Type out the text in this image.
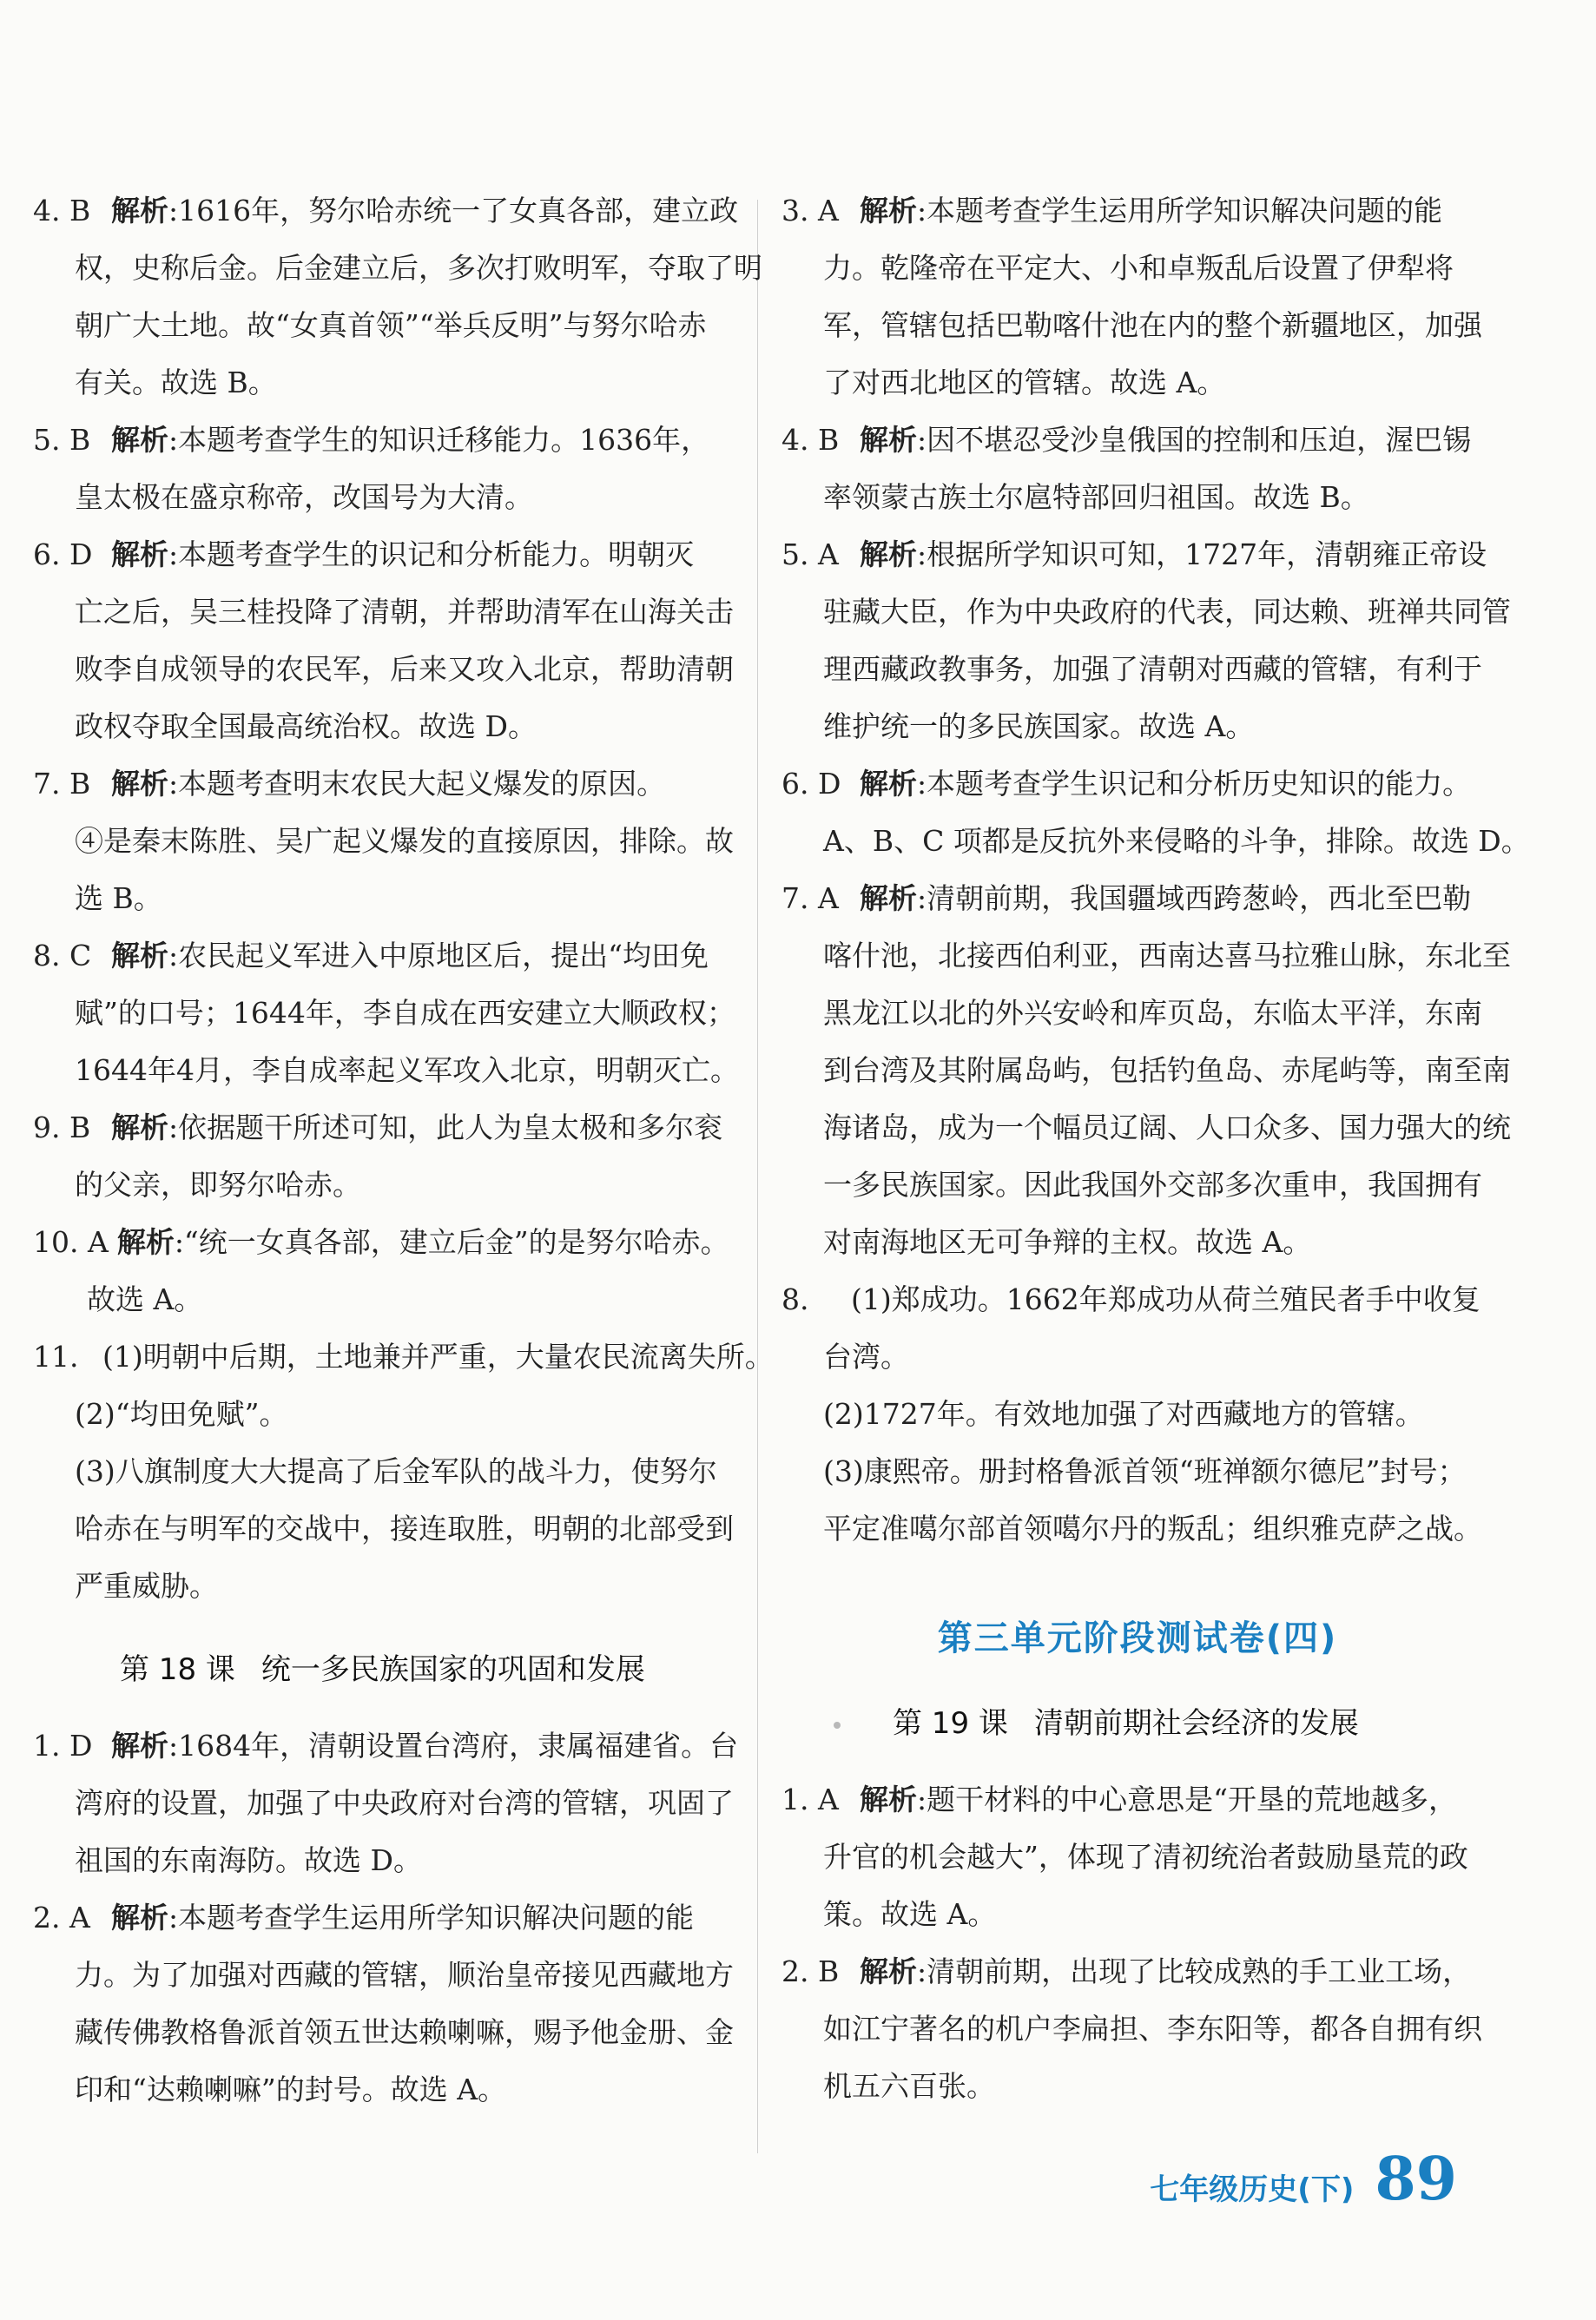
4. B 解析:1616年，努尔哈赤统一了女真各部，建立政
权，史称后金。后金建立后，多次打败明军，夺取了明
朝广大土地。故“女真首领”“举兵反明”与努尔哈赤
有关。故选 B。
5. B 解析:本题考查学生的知识迁移能力。1636年，
皇太极在盛京称帝，改国号为大清。
6. D 解析:本题考查学生的识记和分析能力。明朝灭
亡之后，吴三桂投降了清朝，并帮助清军在山海关击
败李自成领导的农民军，后来又攻入北京，帮助清朝
政权夺取全国最高统治权。故选 D。
7. B 解析:本题考查明末农民大起义爆发的原因。
④是秦末陈胜、吴广起义爆发的直接原因，排除。故
选 B。
8. C 解析:农民起义军进入中原地区后，提出“均田免
赋”的口号；1644年，李自成在西安建立大顺政权；
1644年4月，李自成率起义军攻入北京，明朝灭亡。
9. B 解析:依据题干所述可知，此人为皇太极和多尔衮
的父亲，即努尔哈赤。
10. A 解析:“统一女真各部，建立后金”的是努尔哈赤。
故选 A。
11. (1)明朝中后期，土地兼并严重，大量农民流离失所。
(2)“均田免赋”。
(3)八旗制度大大提高了后金军队的战斗力，使努尔
哈赤在与明军的交战中，接连取胜，明朝的北部受到
严重威胁。
第 18 课 统一多民族国家的巩固和发展
1. D 解析:1684年，清朝设置台湾府，隶属福建省。台
湾府的设置，加强了中央政府对台湾的管辖，巩固了
祖国的东南海防。故选 D。
2. A 解析:本题考查学生运用所学知识解决问题的能
力。为了加强对西藏的管辖，顺治皇帝接见西藏地方
藏传佛教格鲁派首领五世达赖喇嘛，赐予他金册、金
印和“达赖喇嘛”的封号。故选 A。
3. A 解析:本题考查学生运用所学知识解决问题的能
力。乾隆帝在平定大、小和卓叛乱后设置了伊犁将
军，管辖包括巴勒喀什池在内的整个新疆地区，加强
了对西北地区的管辖。故选 A。
4. B 解析:因不堪忍受沙皇俄国的控制和压迫，渥巴锡
率领蒙古族土尔扈特部回归祖国。故选 B。
5. A 解析:根据所学知识可知，1727年，清朝雍正帝设
驻藏大臣，作为中央政府的代表，同达赖、班禅共同管
理西藏政教事务，加强了清朝对西藏的管辖，有利于
维护统一的多民族国家。故选 A。
6. D 解析:本题考查学生识记和分析历史知识的能力。
A、B、C 项都是反抗外来侵略的斗争，排除。故选 D。
7. A 解析:清朝前期，我国疆域西跨葱岭，西北至巴勒
喀什池，北接西伯利亚，西南达喜马拉雅山脉，东北至
黑龙江以北的外兴安岭和库页岛，东临太平洋，东南
到台湾及其附属岛屿，包括钓鱼岛、赤尾屿等，南至南
海诸岛，成为一个幅员辽阔、人口众多、国力强大的统
一多民族国家。因此我国外交部多次重申，我国拥有
对南海地区无可争辩的主权。故选 A。
8. (1)郑成功。1662年郑成功从荷兰殖民者手中收复
台湾。
(2)1727年。有效地加强了对西藏地方的管辖。
(3)康熙帝。册封格鲁派首领“班禅额尔德尼”封号；
平定准噶尔部首领噶尔丹的叛乱；组织雅克萨之战。
第三单元阶段测试卷(四)
第 19 课 清朝前期社会经济的发展
1. A 解析:题干材料的中心意思是“开垦的荒地越多，
升官的机会越大”，体现了清初统治者鼓励垦荒的政
策。故选 A。
2. B 解析:清朝前期，出现了比较成熟的手工业工场，
如江宁著名的机户李扁担、李东阳等，都各自拥有织
机五六百张。
七年级历史(下) 89
